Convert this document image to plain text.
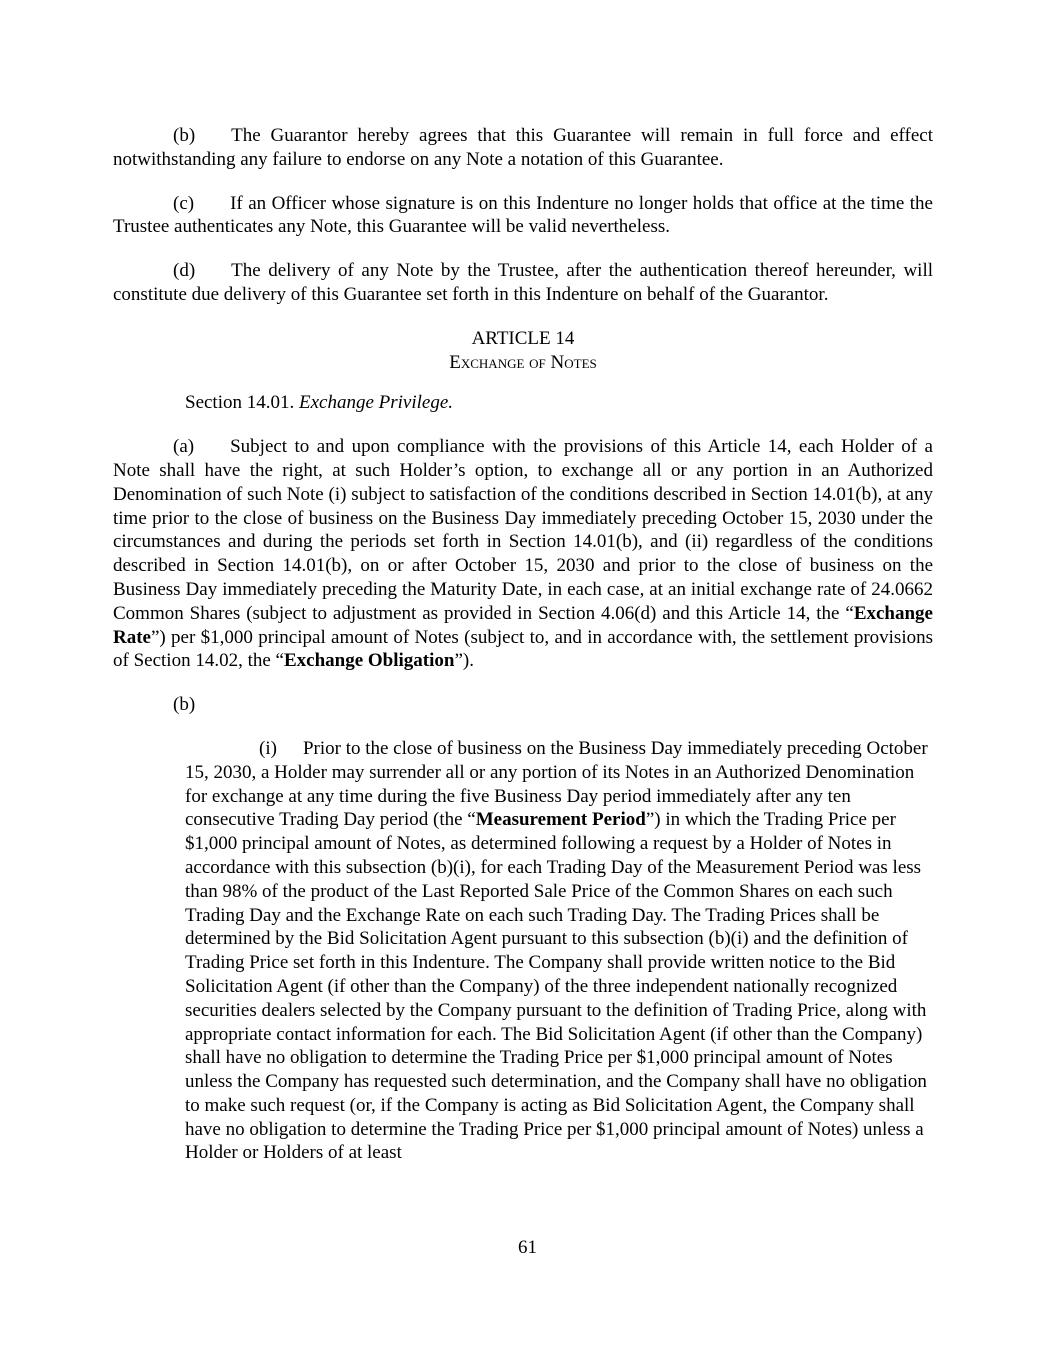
(b) The Guarantor hereby agrees that this Guarantee will remain in full force and effect notwithstanding any failure to endorse on any Note a notation of this Guarantee.

(c) If an Officer whose signature is on this Indenture no longer holds that office at the time the Trustee authenticates any Note, this Guarantee will be valid nevertheless.

(d) The delivery of any Note by the Trustee, after the authentication thereof hereunder, will constitute due delivery of this Guarantee set forth in this Indenture on behalf of the Guarantor.

ARTICLE 14

Exchange of Notes

Section 14.01. Exchange Privilege.

(a) Subject to and upon compliance with the provisions of this Article 14, each Holder of a Note shall have the right, at such Holder’s option, to exchange all or any portion in an Authorized Denomination of such Note (i) subject to satisfaction of the conditions described in Section 14.01(b), at any time prior to the close of business on the Business Day immediately preceding October 15, 2030 under the circumstances and during the periods set forth in Section 14.01(b), and (ii) regardless of the conditions described in Section 14.01(b), on or after October 15, 2030 and prior to the close of business on the Business Day immediately preceding the Maturity Date, in each case, at an initial exchange rate of 24.0662 Common Shares (subject to adjustment as provided in Section 4.06(d) and this Article 14, the “Exchange Rate”) per $1,000 principal amount of Notes (subject to, and in accordance with, the settlement provisions of Section 14.02, the “Exchange Obligation”).

(b)

(i) Prior to the close of business on the Business Day immediately preceding October 15, 2030, a Holder may surrender all or any portion of its Notes in an Authorized Denomination for exchange at any time during the five Business Day period immediately after any ten consecutive Trading Day period (the “Measurement Period”) in which the Trading Price per $1,000 principal amount of Notes, as determined following a request by a Holder of Notes in accordance with this subsection (b)(i), for each Trading Day of the Measurement Period was less than 98% of the product of the Last Reported Sale Price of the Common Shares on each such Trading Day and the Exchange Rate on each such Trading Day. The Trading Prices shall be determined by the Bid Solicitation Agent pursuant to this subsection (b)(i) and the definition of Trading Price set forth in this Indenture. The Company shall provide written notice to the Bid Solicitation Agent (if other than the Company) of the three independent nationally recognized securities dealers selected by the Company pursuant to the definition of Trading Price, along with appropriate contact information for each. The Bid Solicitation Agent (if other than the Company) shall have no obligation to determine the Trading Price per $1,000 principal amount of Notes unless the Company has requested such determination, and the Company shall have no obligation to make such request (or, if the Company is acting as Bid Solicitation Agent, the Company shall have no obligation to determine the Trading Price per $1,000 principal amount of Notes) unless a Holder or Holders of at least

61
